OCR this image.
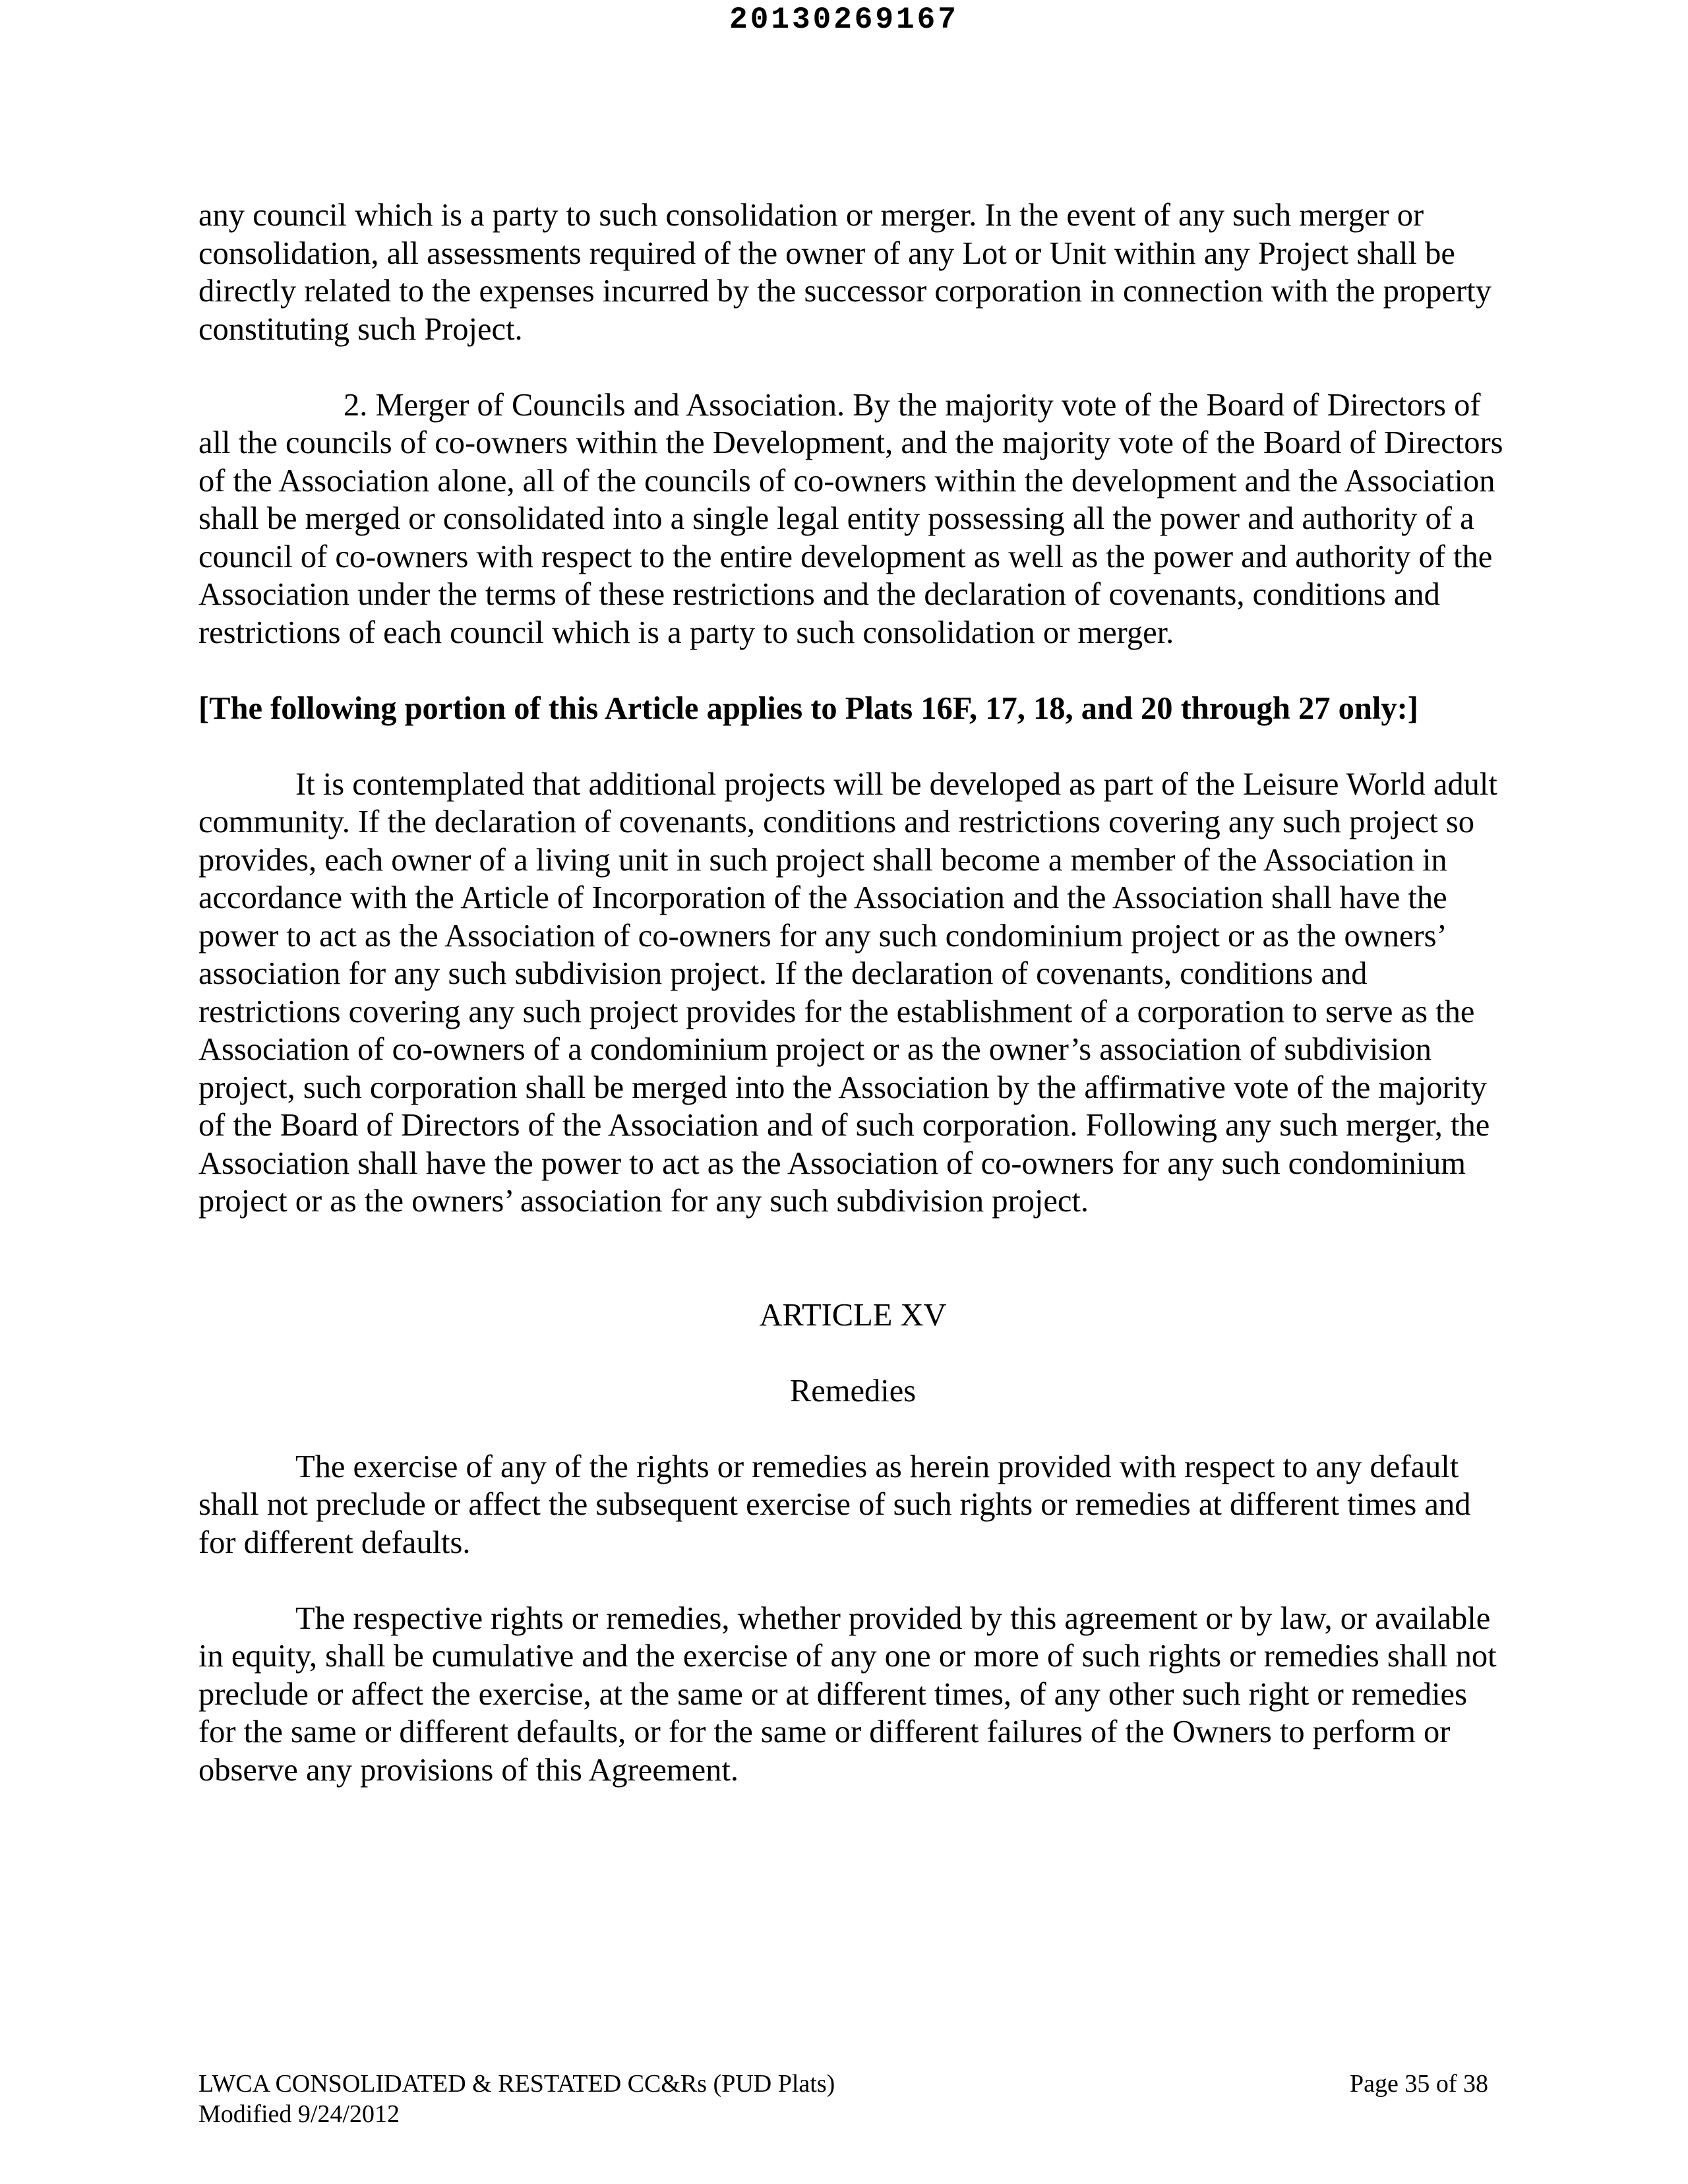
20130269167

any council which is a party to such consolidation or merger. In the event of any such merger or consolidation, all assessments required of the owner of any Lot or Unit within any Project shall be directly related to the expenses incurred by the successor corporation in connection with the property constituting such Project.

2. Merger of Councils and Association. By the majority vote of the Board of Directors of all the councils of co-owners within the Development, and the majority vote of the Board of Directors of the Association alone, all of the councils of co-owners within the development and the Association shall be merged or consolidated into a single legal entity possessing all the power and authority of a council of co-owners with respect to the entire development as well as the power and authority of the Association under the terms of these restrictions and the declaration of covenants, conditions and restrictions of each council which is a party to such consolidation or merger.

[The following portion of this Article applies to Plats 16F, 17, 18, and 20 through 27 only:]

It is contemplated that additional projects will be developed as part of the Leisure World adult community. If the declaration of covenants, conditions and restrictions covering any such project so provides, each owner of a living unit in such project shall become a member of the Association in accordance with the Article of Incorporation of the Association and the Association shall have the power to act as the Association of co-owners for any such condominium project or as the owners’ association for any such subdivision project. If the declaration of covenants, conditions and restrictions covering any such project provides for the establishment of a corporation to serve as the Association of co-owners of a condominium project or as the owner’s association of subdivision project, such corporation shall be merged into the Association by the affirmative vote of the majority of the Board of Directors of the Association and of such corporation. Following any such merger, the Association shall have the power to act as the Association of co-owners for any such condominium project or as the owners’ association for any such subdivision project.

ARTICLE XV

Remedies

The exercise of any of the rights or remedies as herein provided with respect to any default shall not preclude or affect the subsequent exercise of such rights or remedies at different times and for different defaults.

The respective rights or remedies, whether provided by this agreement or by law, or available in equity, shall be cumulative and the exercise of any one or more of such rights or remedies shall not preclude or affect the exercise, at the same or at different times, of any other such right or remedies for the same or different defaults, or for the same or different failures of the Owners to perform or observe any provisions of this Agreement.

LWCA CONSOLIDATED & RESTATED CC&Rs (PUD Plats)
Modified 9/24/2012
Page 35 of 38
